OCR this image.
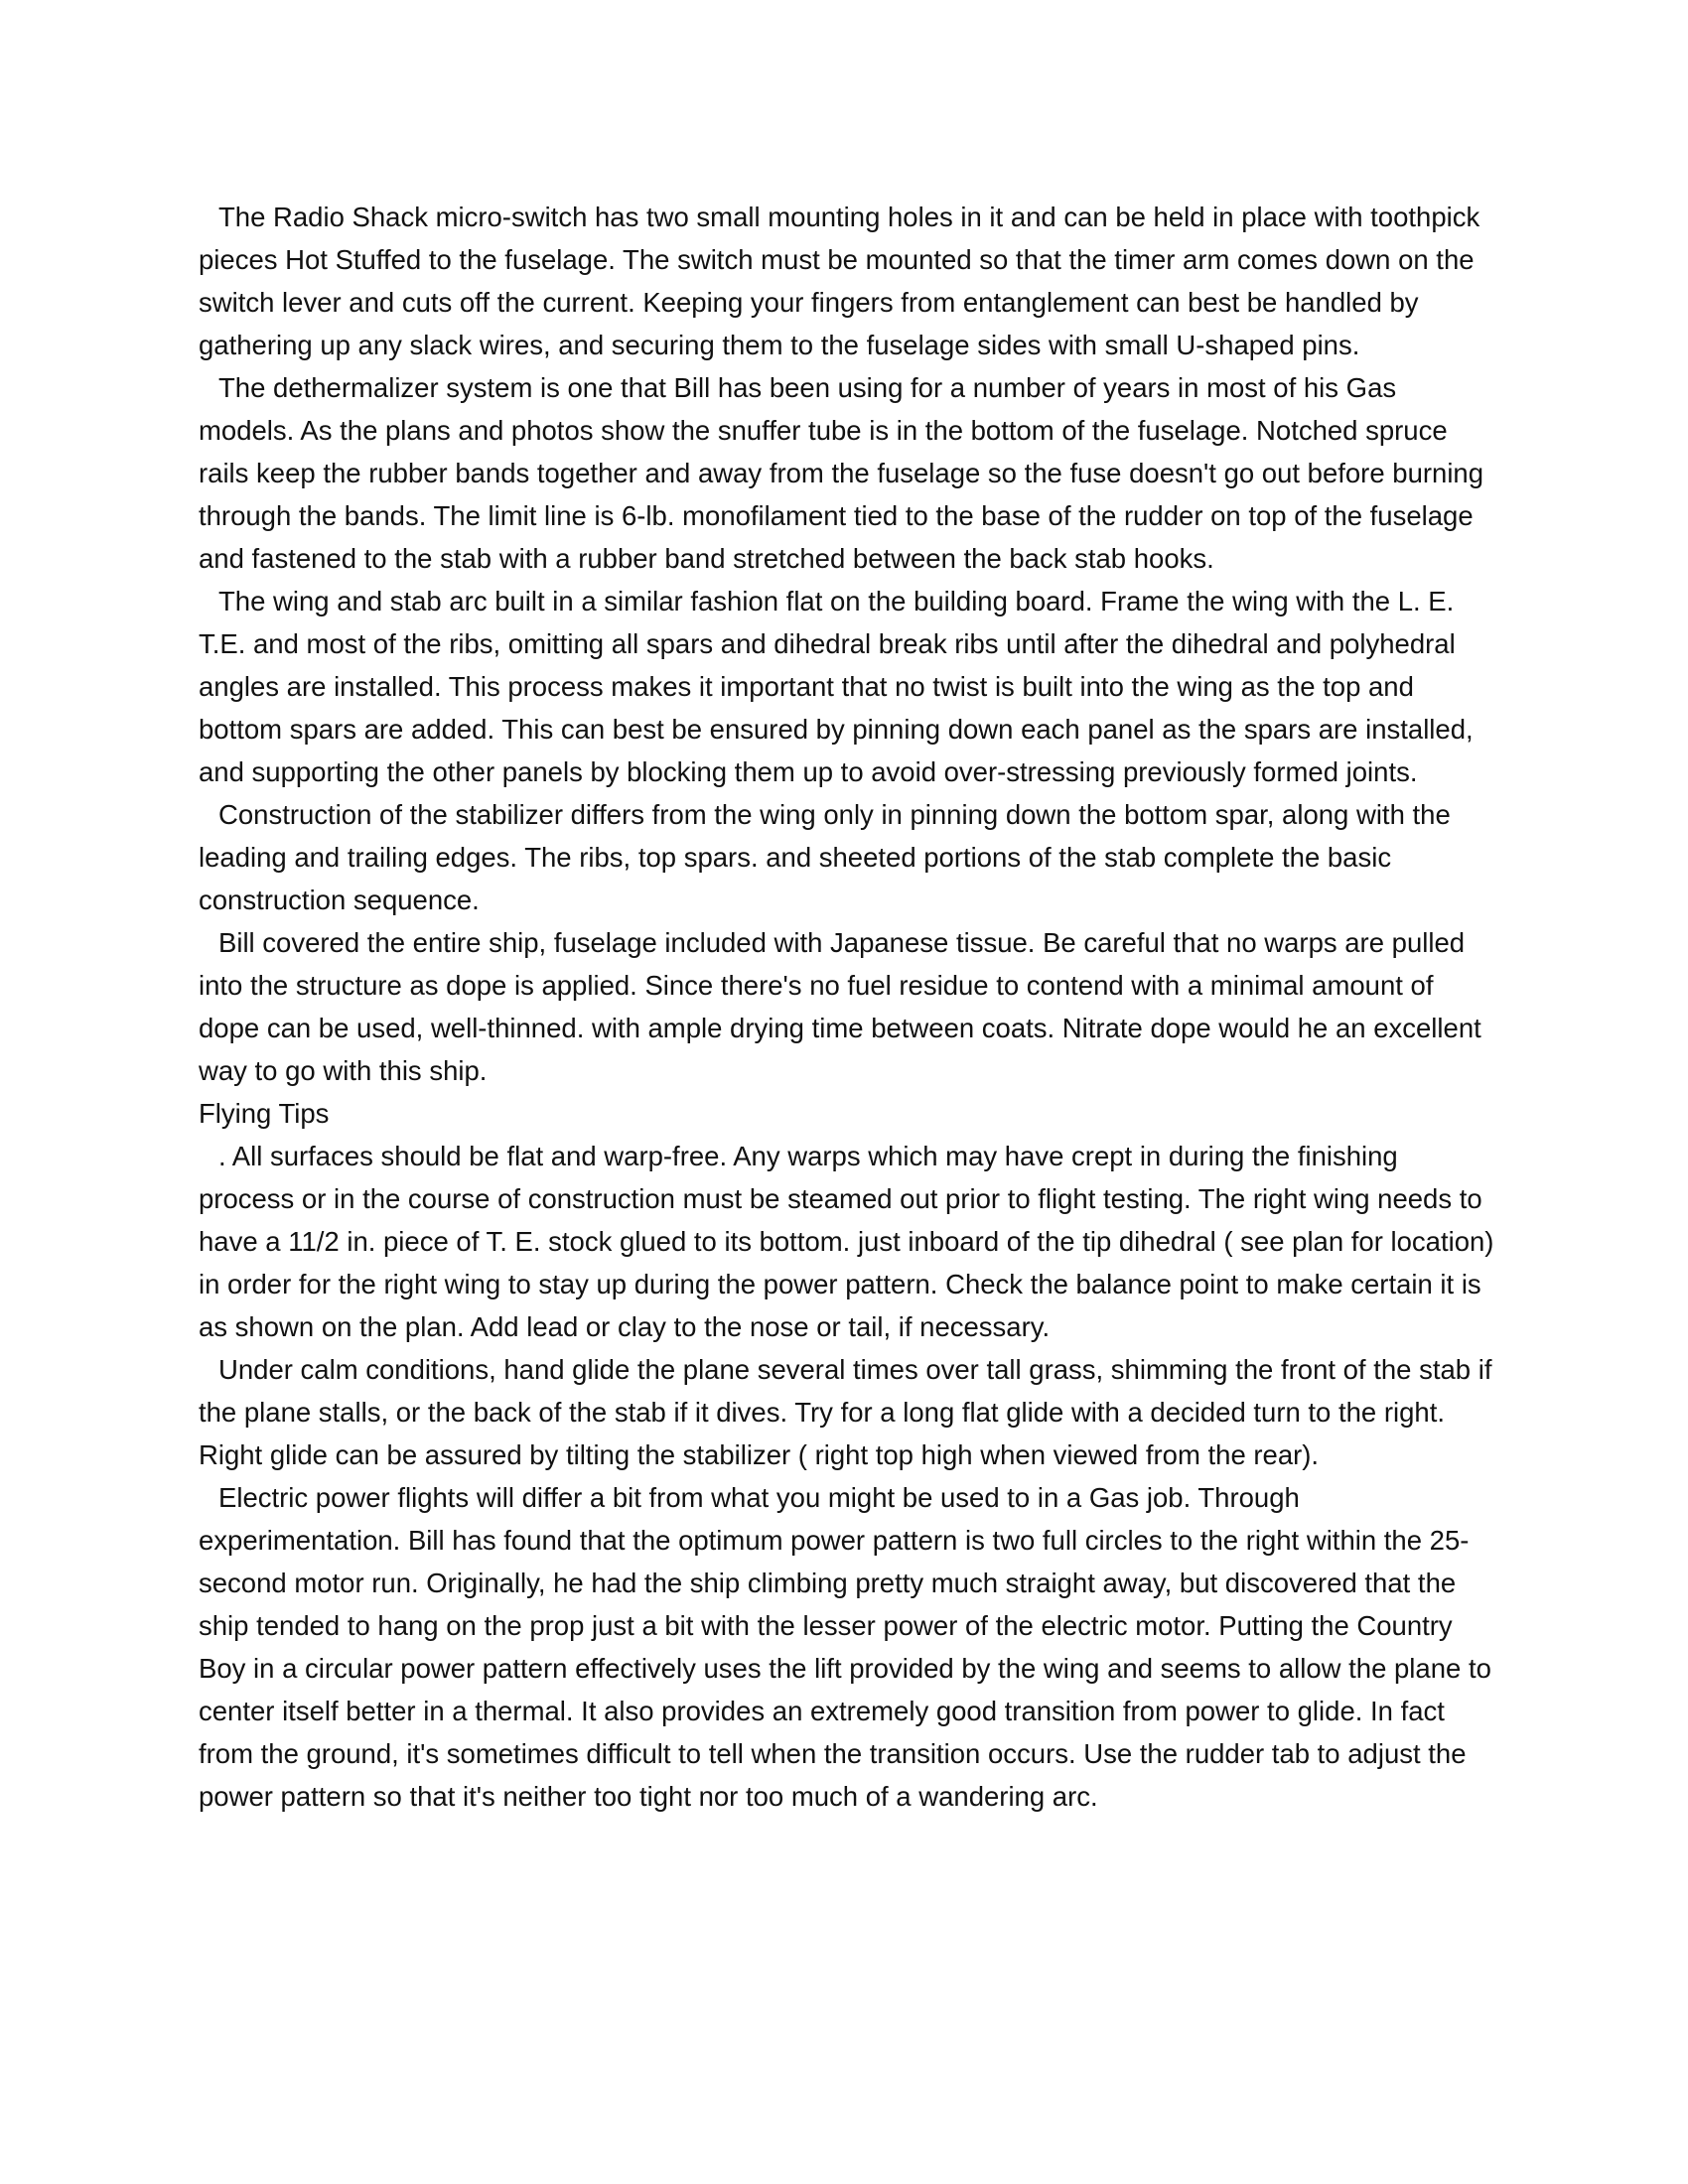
The Radio Shack micro-switch has two small mounting holes in it and can be held in place with toothpick pieces Hot Stuffed to the fuselage. The switch must be mounted so that the timer arm comes down on the switch lever and cuts off the current. Keeping your fingers from entanglement can best be handled by gathering up any slack wires, and securing them to the fuselage sides with small U-shaped pins.

The dethermalizer system is one that Bill has been using for a number of years in most of his Gas models. As the plans and photos show the snuffer tube is in the bottom of the fuselage. Notched spruce rails keep the rubber bands together and away from the fuselage so the fuse doesn't go out before burning through the bands. The limit line is 6-lb. monofilament tied to the base of the rudder on top of the fuselage and fastened to the stab with a rubber band stretched between the back stab hooks.

The wing and stab arc built in a similar fashion flat on the building board. Frame the wing with the L. E. T.E. and most of the ribs, omitting all spars and dihedral break ribs until after the dihedral and polyhedral angles are installed. This process makes it important that no twist is built into the wing as the top and bottom spars are added. This can best be ensured by pinning down each panel as the spars are installed, and supporting the other panels by blocking them up to avoid over-stressing previously formed joints.

Construction of the stabilizer differs from the wing only in pinning down the bottom spar, along with the leading and trailing edges. The ribs, top spars. and sheeted portions of the stab complete the basic construction sequence.

Bill covered the entire ship, fuselage included with Japanese tissue. Be careful that no warps are pulled into the structure as dope is applied. Since there's no fuel residue to contend with a minimal amount of dope can be used, well-thinned. with ample drying time between coats. Nitrate dope would he an excellent way to go with this ship.

Flying Tips

. All surfaces should be flat and warp-free. Any warps which may have crept in during the finishing process or in the course of construction must be steamed out prior to flight testing. The right wing needs to have a 11/2 in. piece of T. E. stock glued to its bottom. just inboard of the tip dihedral ( see plan for location) in order for the right wing to stay up during the power pattern. Check the balance point to make certain it is as shown on the plan. Add lead or clay to the nose or tail, if necessary.

Under calm conditions, hand glide the plane several times over tall grass, shimming the front of the stab if the plane stalls, or the back of the stab if it dives. Try for a long flat glide with a decided turn to the right. Right glide can be assured by tilting the stabilizer ( right top high when viewed from the rear).

Electric power flights will differ a bit from what you might be used to in a Gas job. Through experimentation. Bill has found that the optimum power pattern is two full circles to the right within the 25-second motor run. Originally, he had the ship climbing pretty much straight away, but discovered that the ship tended to hang on the prop just a bit with the lesser power of the electric motor. Putting the Country Boy in a circular power pattern effectively uses the lift provided by the wing and seems to allow the plane to center itself better in a thermal. It also provides an extremely good transition from power to glide. In fact from the ground, it's sometimes difficult to tell when the transition occurs. Use the rudder tab to adjust the power pattern so that it's neither too tight nor too much of a wandering arc.
